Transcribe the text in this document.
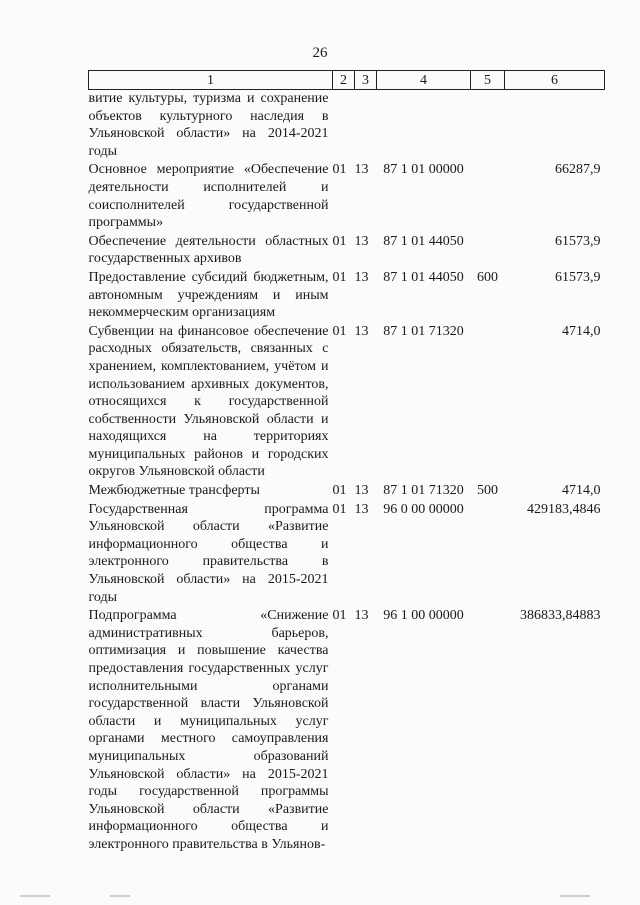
26
1	2	3	4	5	6
витие культуры, туризма и сохранение объектов культурного наследия в Ульяновской области» на 2014-2021 годы					
Основное мероприятие «Обеспечение деятельности исполнителей и соисполнителей государственной программы»	01	13	87 1 01 00000		66287,9
Обеспечение деятельности областных государственных архивов	01	13	87 1 01 44050		61573,9
Предоставление субсидий бюджетным, автономным учреждениям и иным некоммерческим организациям	01	13	87 1 01 44050	600	61573,9
Субвенции на финансовое обеспечение расходных обязательств, связанных с хранением, комплектованием, учётом и использованием архивных документов, относящихся к государственной собственности Ульяновской области и находящихся на территориях муниципальных районов и городских округов Ульяновской области	01	13	87 1 01 71320		4714,0
Межбюджетные трансферты	01	13	87 1 01 71320	500	4714,0
Государственная программа Ульяновской области «Развитие информационного общества и электронного правительства в Ульяновской области» на 2015-2021 годы	01	13	96 0 00 00000		429183,4846
Подпрограмма «Снижение административных барьеров, оптимизация и повышение качества предоставления государственных услуг исполнительными органами государственной власти Ульяновской области и муниципальных услуг органами местного самоуправления муниципальных образований Ульяновской области» на 2015-2021 годы государственной программы Ульяновской области «Развитие информационного общества и электронного правительства в Ульянов-	01	13	96 1 00 00000		386833,84883
